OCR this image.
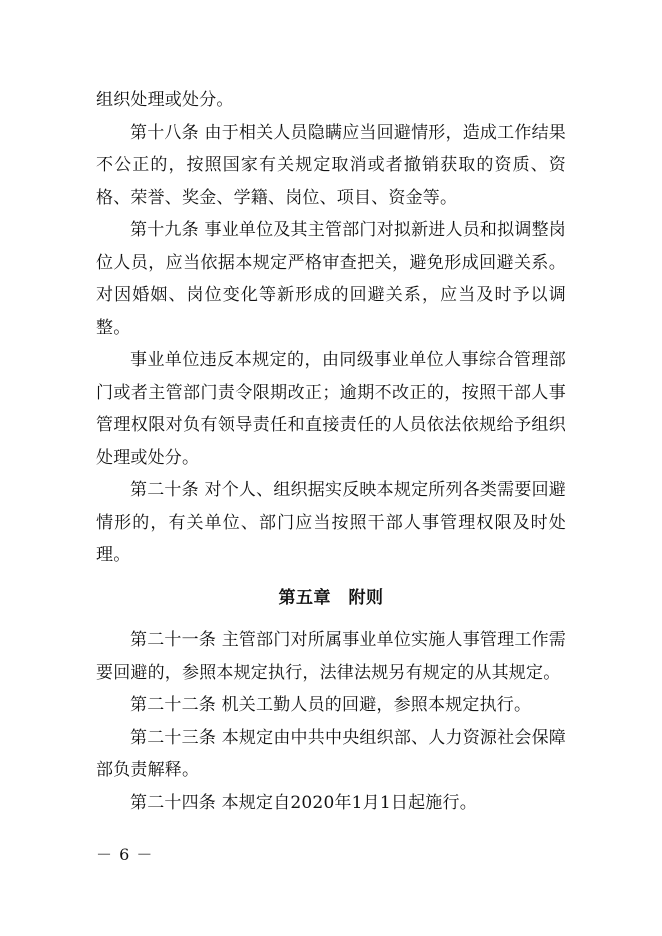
组织处理或处分。

第十八条 由于相关人员隐瞒应当回避情形，造成工作结果不公正的，按照国家有关规定取消或者撤销获取的资质、资格、荣誉、奖金、学籍、岗位、项目、资金等。

第十九条 事业单位及其主管部门对拟新进人员和拟调整岗位人员，应当依据本规定严格审查把关，避免形成回避关系。对因婚姻、岗位变化等新形成的回避关系，应当及时予以调整。

事业单位违反本规定的，由同级事业单位人事综合管理部门或者主管部门责令限期改正；逾期不改正的，按照干部人事管理权限对负有领导责任和直接责任的人员依法依规给予组织处理或处分。

第二十条 对个人、组织据实反映本规定所列各类需要回避情形的，有关单位、部门应当按照干部人事管理权限及时处理。

第五章　附则

第二十一条 主管部门对所属事业单位实施人事管理工作需要回避的，参照本规定执行，法律法规另有规定的从其规定。

第二十二条 机关工勤人员的回避，参照本规定执行。

第二十三条 本规定由中共中央组织部、人力资源社会保障部负责解释。

第二十四条 本规定自2020年1月1日起施行。

－ 6 －
